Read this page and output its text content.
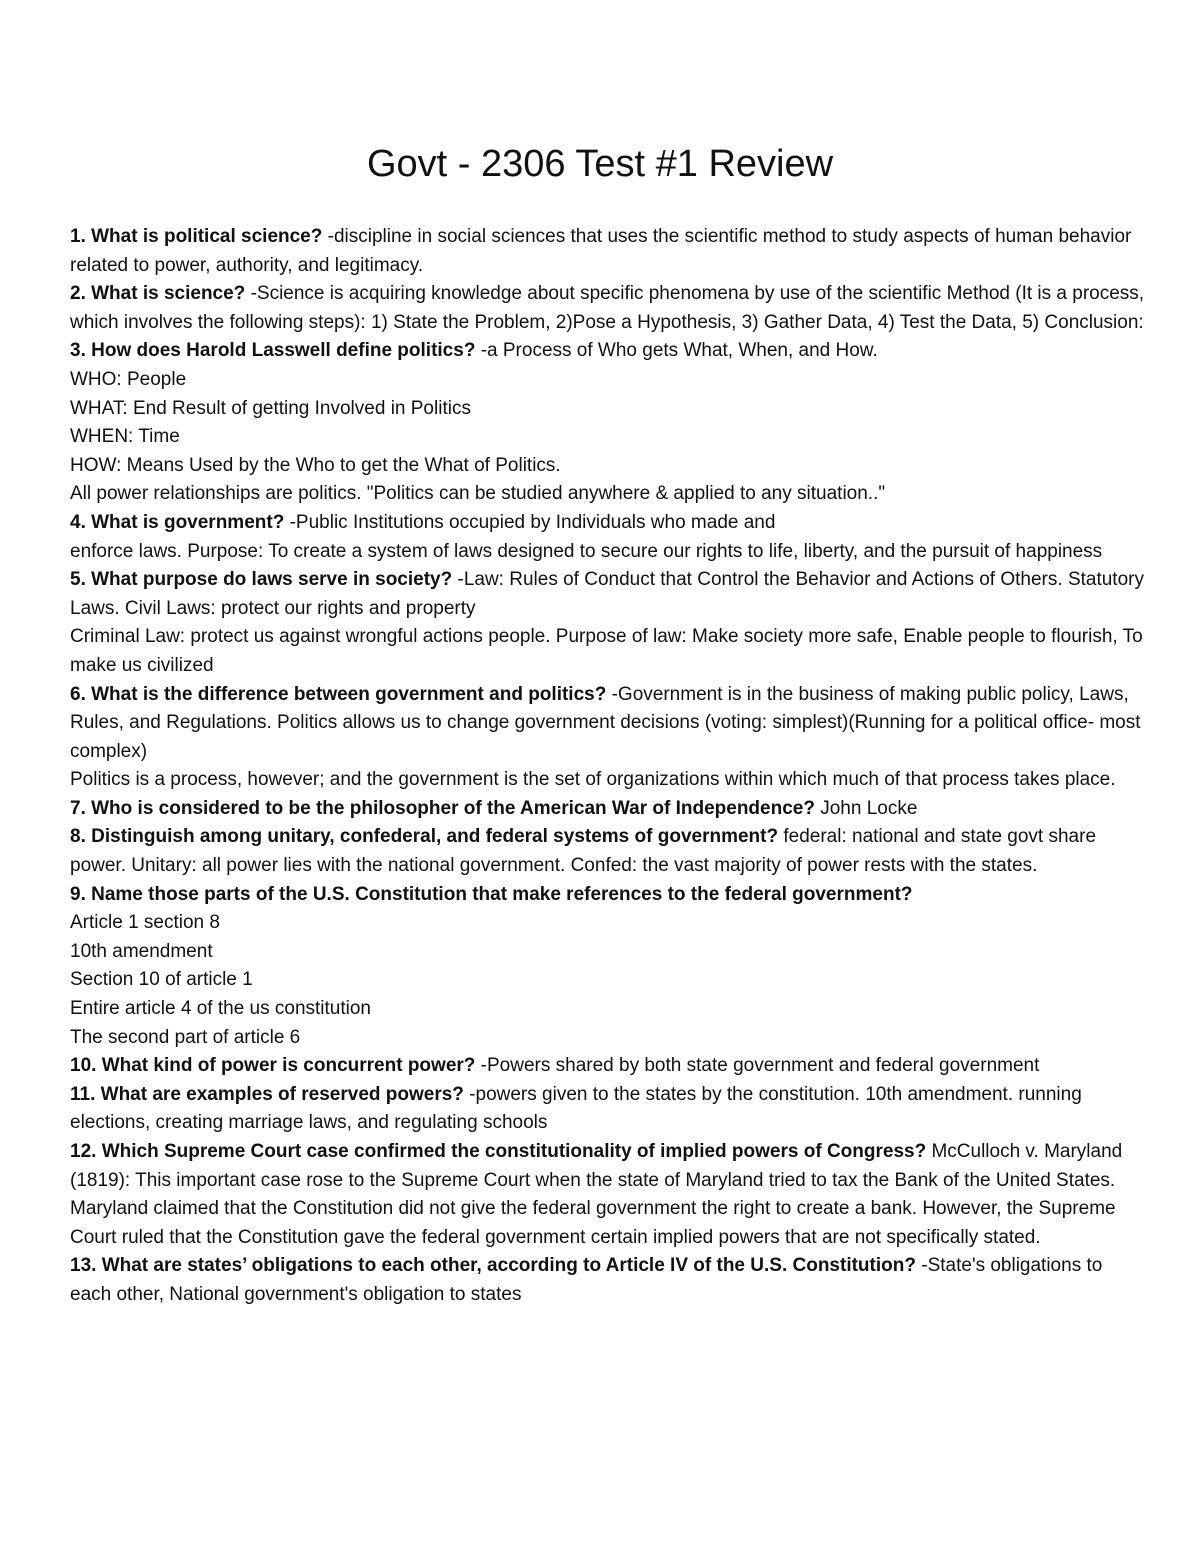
Govt - 2306 Test #1 Review

1. What is political science? -discipline in social sciences that uses the scientific method to study aspects of human behavior related to power, authority, and legitimacy.

2. What is science? -Science is acquiring knowledge about specific phenomena by use of the scientific Method (It is a process, which involves the following steps): 1) State the Problem, 2)Pose a Hypothesis, 3) Gather Data, 4) Test the Data, 5) Conclusion:

3. How does Harold Lasswell define politics? -a Process of Who gets What, When, and How.

WHO: People

WHAT: End Result of getting Involved in Politics

WHEN: Time

HOW: Means Used by the Who to get the What of Politics.

All power relationships are politics. "Politics can be studied anywhere & applied to any situation.."

4. What is government? -Public Institutions occupied by Individuals who made and

enforce laws. Purpose: To create a system of laws designed to secure our rights to life, liberty, and the pursuit of happiness

5. What purpose do laws serve in society? -Law: Rules of Conduct that Control the Behavior and Actions of Others. Statutory Laws. Civil Laws: protect our rights and property

Criminal Law: protect us against wrongful actions people. Purpose of law: Make society more safe, Enable people to flourish, To make us civilized

6. What is the difference between government and politics? -Government is in the business of making public policy, Laws, Rules, and Regulations. Politics allows us to change government decisions (voting: simplest)(Running for a political office- most complex)

Politics is a process, however; and the government is the set of organizations within which much of that process takes place.

7. Who is considered to be the philosopher of the American War of Independence? John Locke

8. Distinguish among unitary, confederal, and federal systems of government? federal: national and state govt share power. Unitary: all power lies with the national government. Confed: the vast majority of power rests with the states.

9. Name those parts of the U.S. Constitution that make references to the federal government?

Article 1 section 8

10th amendment

Section 10 of article 1

Entire article 4 of the us constitution

The second part of article 6

10. What kind of power is concurrent power? -Powers shared by both state government and federal government

11. What are examples of reserved powers? -powers given to the states by the constitution. 10th amendment. running elections, creating marriage laws, and regulating schools

12. Which Supreme Court case confirmed the constitutionality of implied powers of Congress? McCulloch v. Maryland (1819): This important case rose to the Supreme Court when the state of Maryland tried to tax the Bank of the United States. Maryland claimed that the Constitution did not give the federal government the right to create a bank. However, the Supreme Court ruled that the Constitution gave the federal government certain implied powers that are not specifically stated.

13. What are states’ obligations to each other, according to Article IV of the U.S. Constitution? -State's obligations to each other, National government's obligation to states
